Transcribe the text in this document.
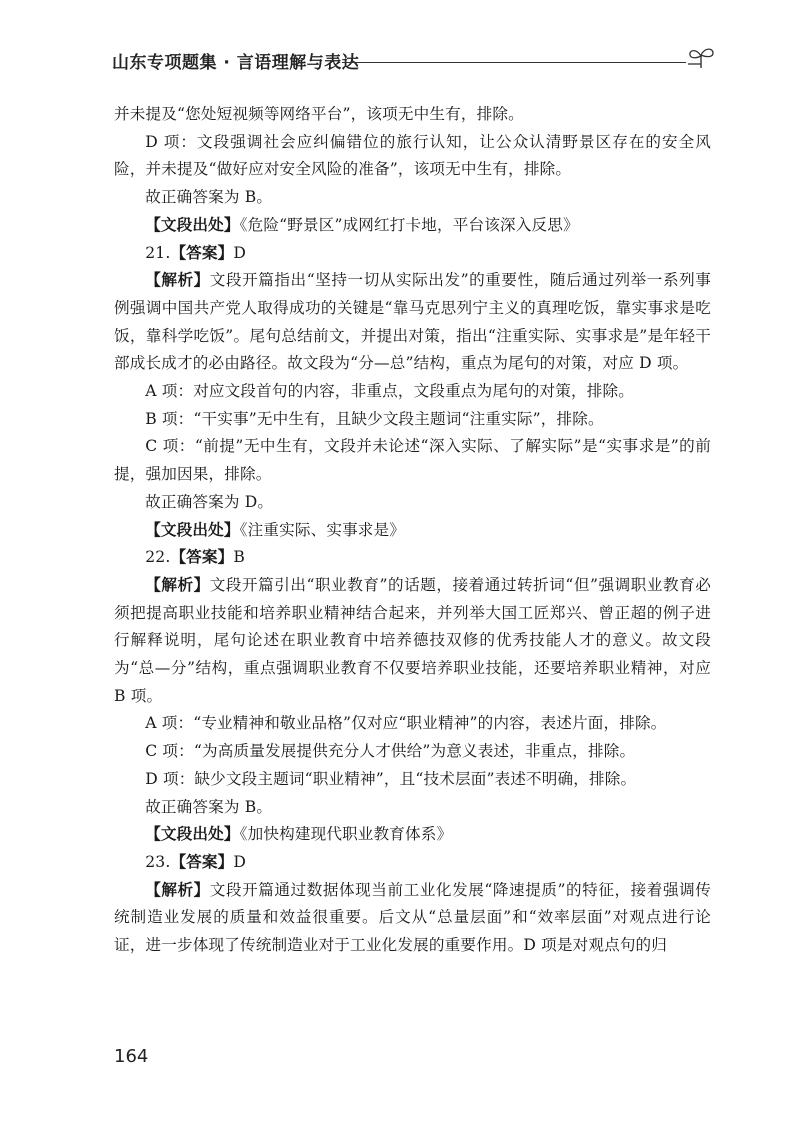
山东专项题集 · 言语理解与表达

并未提及“您处短视频等网络平台”，该项无中生有，排除。

D 项：文段强调社会应纠偏错位的旅行认知，让公众认清野景区存在的安全风险，并未提及“做好应对安全风险的准备”，该项无中生有，排除。

故正确答案为 B。

【文段出处】《危险“野景区”成网红打卡地，平台该深入反思》

21.【答案】D

【解析】文段开篇指出“坚持一切从实际出发”的重要性，随后通过列举一系列事例强调中国共产党人取得成功的关键是“靠马克思列宁主义的真理吃饭，靠实事求是吃饭，靠科学吃饭”。尾句总结前文，并提出对策，指出“注重实际、实事求是”是年轻干部成长成才的必由路径。故文段为“分—总”结构，重点为尾句的对策，对应 D 项。

A 项：对应文段首句的内容，非重点，文段重点为尾句的对策，排除。

B 项：“干实事”无中生有，且缺少文段主题词“注重实际”，排除。

C 项：“前提”无中生有，文段并未论述“深入实际、了解实际”是“实事求是”的前提，强加因果，排除。

故正确答案为 D。

【文段出处】《注重实际、实事求是》

22.【答案】B

【解析】文段开篇引出“职业教育”的话题，接着通过转折词“但”强调职业教育必须把提高职业技能和培养职业精神结合起来，并列举大国工匠郑兴、曾正超的例子进行解释说明，尾句论述在职业教育中培养德技双修的优秀技能人才的意义。故文段为“总—分”结构，重点强调职业教育不仅要培养职业技能，还要培养职业精神，对应 B 项。

A 项：“专业精神和敬业品格”仅对应“职业精神”的内容，表述片面，排除。

C 项：“为高质量发展提供充分人才供给”为意义表述，非重点，排除。

D 项：缺少文段主题词“职业精神”，且“技术层面”表述不明确，排除。

故正确答案为 B。

【文段出处】《加快构建现代职业教育体系》

23.【答案】D

【解析】文段开篇通过数据体现当前工业化发展“降速提质”的特征，接着强调传统制造业发展的质量和效益很重要。后文从“总量层面”和“效率层面”对观点进行论证，进一步体现了传统制造业对于工业化发展的重要作用。D 项是对观点句的归

164
